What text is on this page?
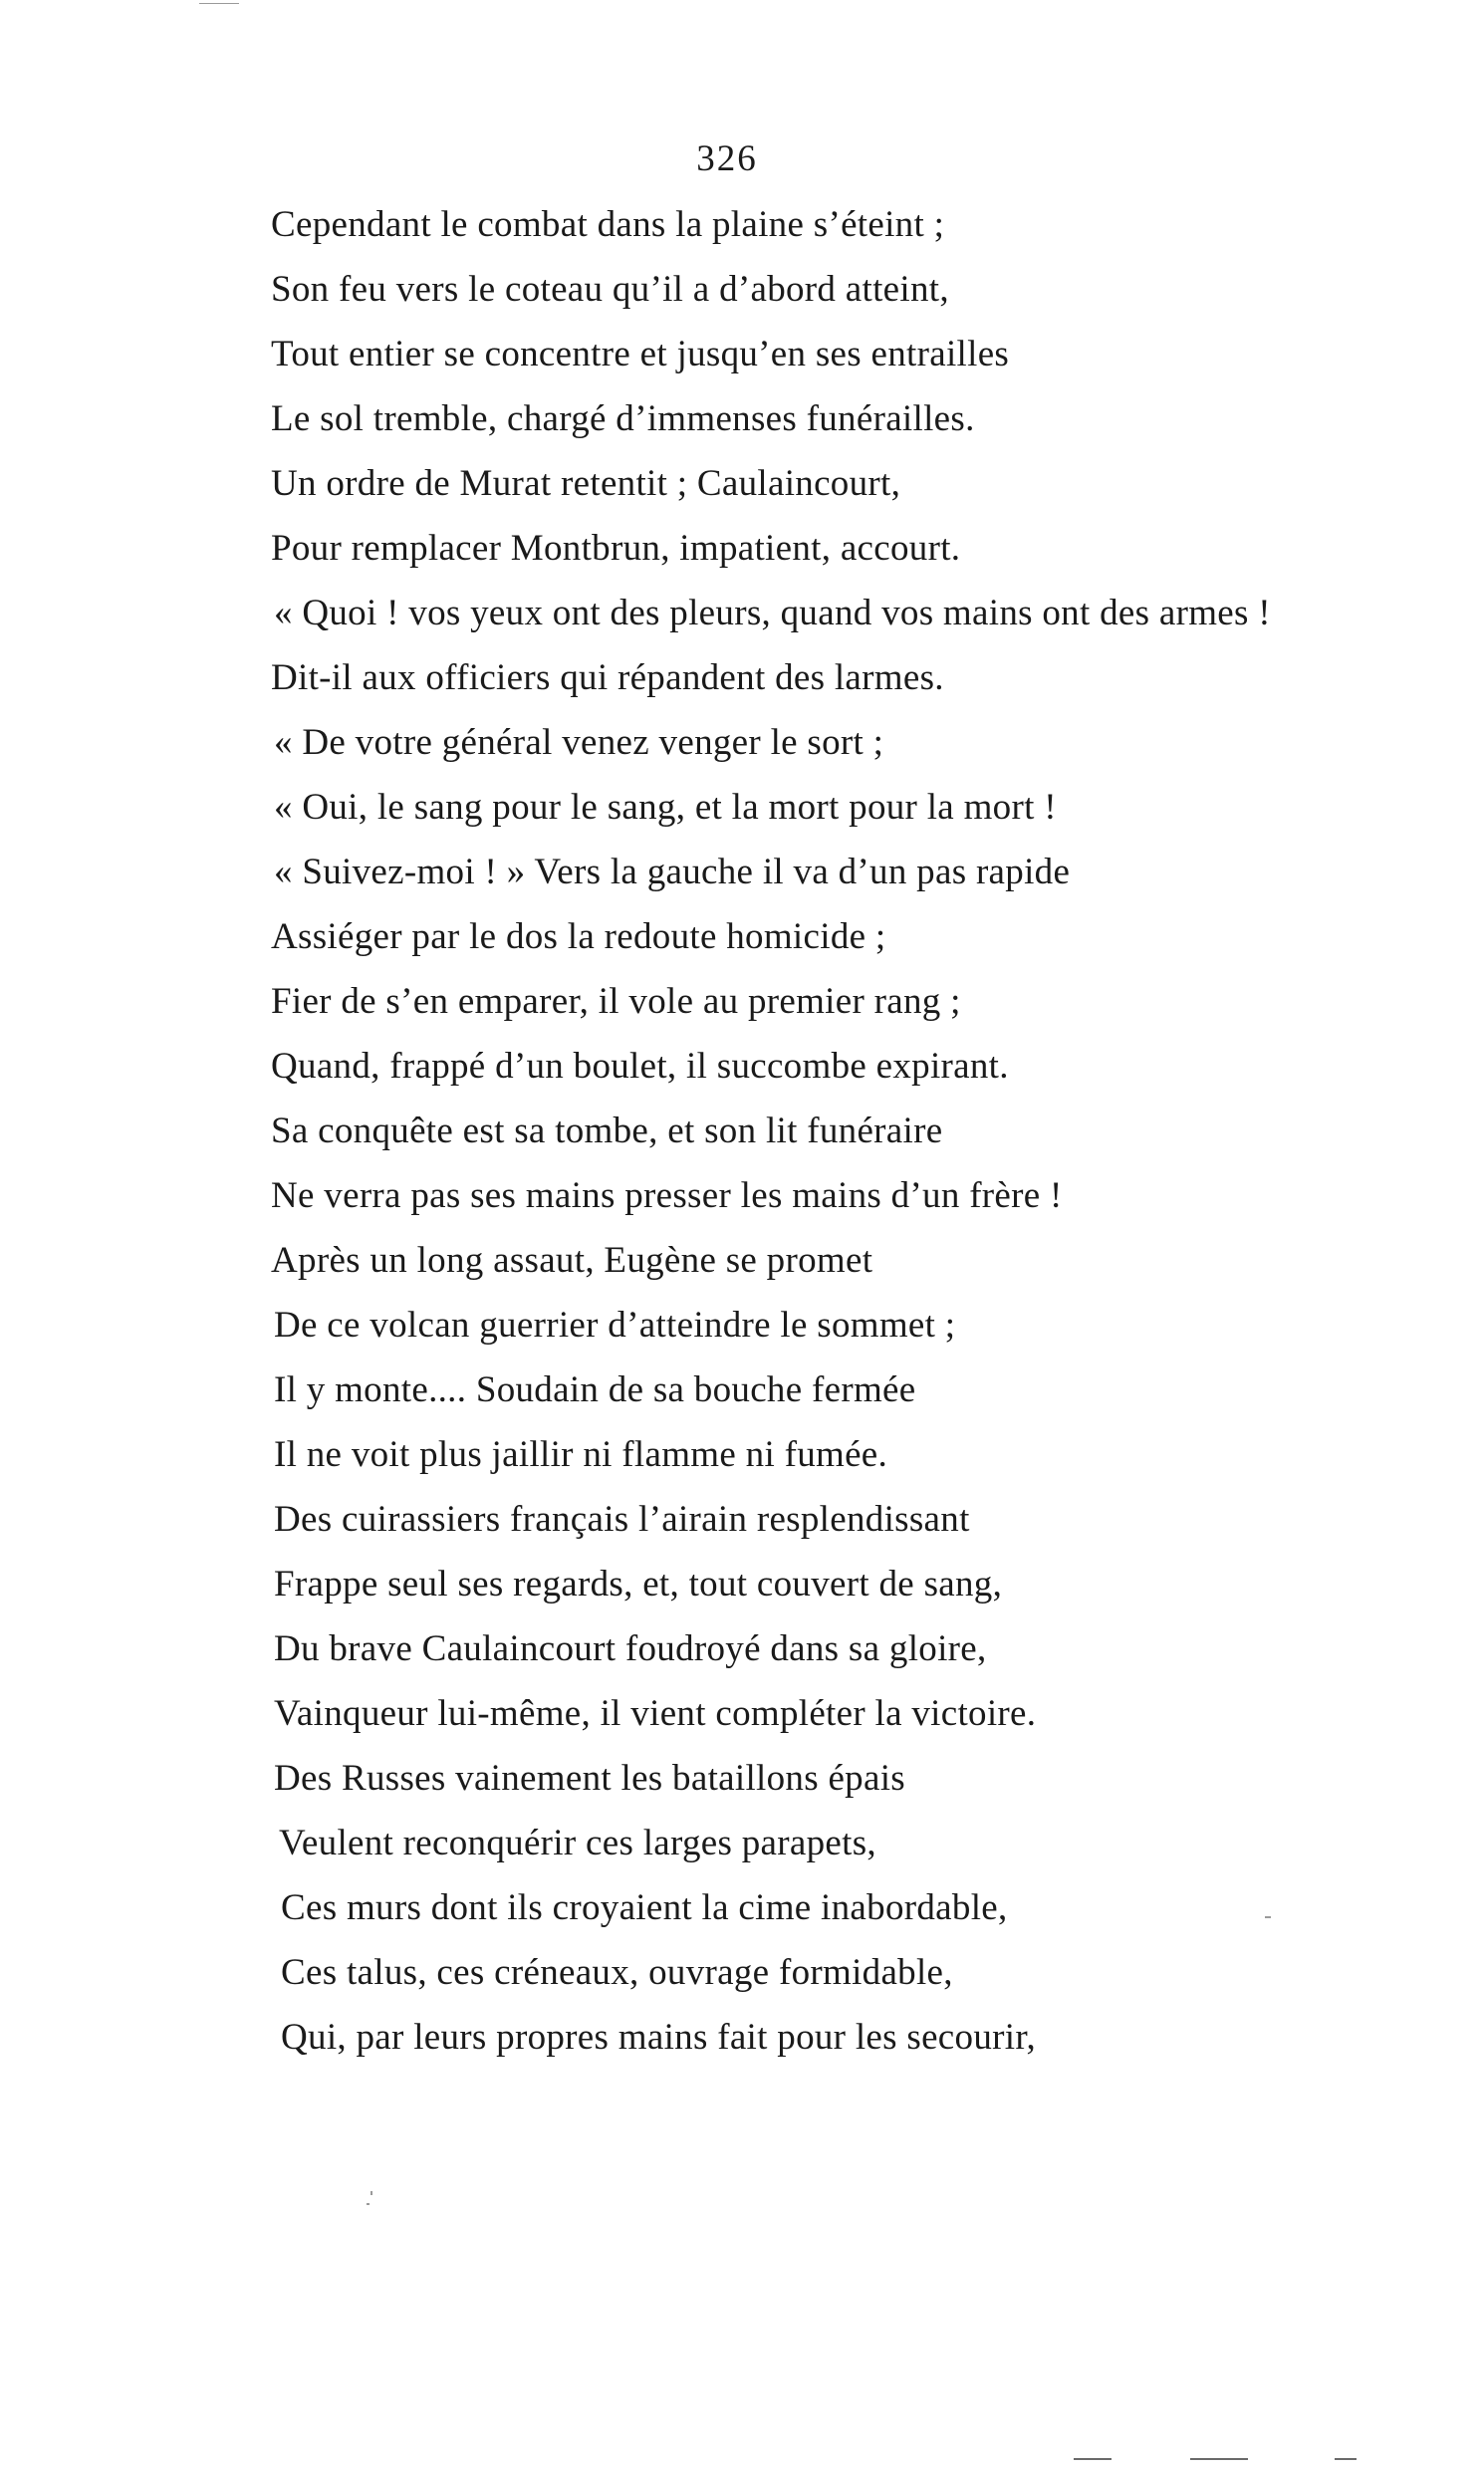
326
Cependant le combat dans la plaine s’éteint ;
Son feu vers le coteau qu’il a d’abord atteint,
Tout entier se concentre et jusqu’en ses entrailles
Le sol tremble, chargé d’immenses funérailles.
Un ordre de Murat retentit ; Caulaincourt,
Pour remplacer Montbrun, impatient, accourt.
« Quoi ! vos yeux ont des pleurs, quand vos mains ont des armes !
Dit-il aux officiers qui répandent des larmes.
« De votre général venez venger le sort ;
« Oui, le sang pour le sang, et la mort pour la mort !
« Suivez-moi ! » Vers la gauche il va d’un pas rapide
Assiéger par le dos la redoute homicide ;
Fier de s’en emparer, il vole au premier rang ;
Quand, frappé d’un boulet, il succombe expirant.
Sa conquête est sa tombe, et son lit funéraire
Ne verra pas ses mains presser les mains d’un frère !
Après un long assaut, Eugène se promet
De ce volcan guerrier d’atteindre le sommet ;
Il y monte.... Soudain de sa bouche fermée
Il ne voit plus jaillir ni flamme ni fumée.
Des cuirassiers français l’airain resplendissant
Frappe seul ses regards, et, tout couvert de sang,
Du brave Caulaincourt foudroyé dans sa gloire,
Vainqueur lui-même, il vient compléter la victoire.
Des Russes vainement les bataillons épais
Veulent reconquérir ces larges parapets,
Ces murs dont ils croyaient la cime inabordable,
Ces talus, ces créneaux, ouvrage formidable,
Qui, par leurs propres mains fait pour les secourir,
